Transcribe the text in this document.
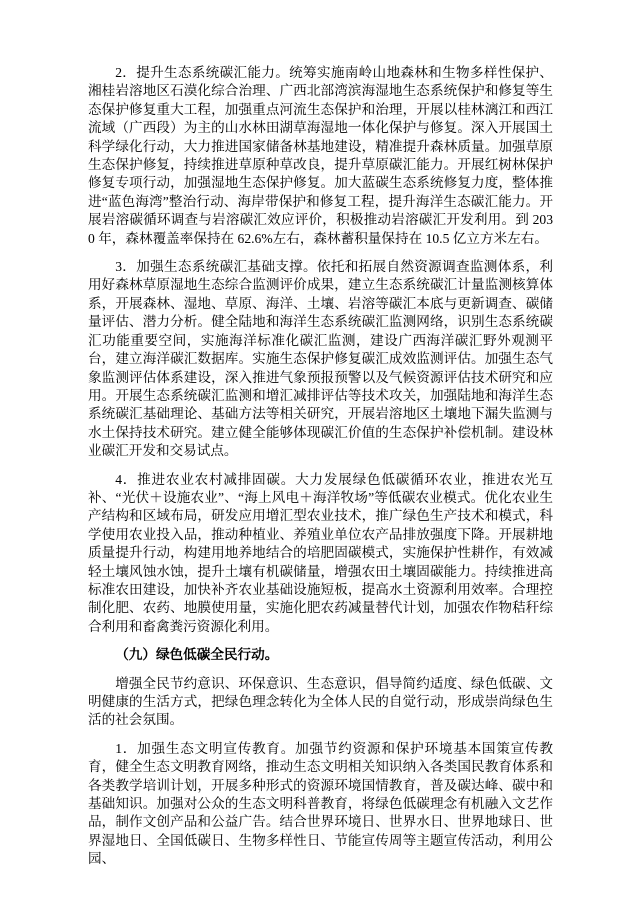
2．提升生态系统碳汇能力。统筹实施南岭山地森林和生物多样性保护、湘桂岩溶地区石漠化综合治理、广西北部湾滨海湿地生态系统保护和修复等生态保护修复重大工程，加强重点河流生态保护和治理，开展以桂林漓江和西江流域（广西段）为主的山水林田湖草海湿地一体化保护与修复。深入开展国土科学绿化行动，大力推进国家储备林基地建设，精准提升森林质量。加强草原生态保护修复，持续推进草原种草改良，提升草原碳汇能力。开展红树林保护修复专项行动，加强湿地生态保护修复。加大蓝碳生态系统修复力度，整体推进“蓝色海湾”整治行动、海岸带保护和修复工程，提升海洋生态碳汇能力。开展岩溶碳循环调查与岩溶碳汇效应评价，积极推动岩溶碳汇开发利用。到 2030 年，森林覆盖率保持在 62.6%左右，森林蓄积量保持在 10.5 亿立方米左右。

3．加强生态系统碳汇基础支撑。依托和拓展自然资源调查监测体系，利用好森林草原湿地生态综合监测评价成果，建立生态系统碳汇计量监测核算体系，开展森林、湿地、草原、海洋、土壤、岩溶等碳汇本底与更新调查、碳储量评估、潜力分析。健全陆地和海洋生态系统碳汇监测网络，识别生态系统碳汇功能重要空间，实施海洋标准化碳汇监测，建设广西海洋碳汇野外观测平台，建立海洋碳汇数据库。实施生态保护修复碳汇成效监测评估。加强生态气象监测评估体系建设，深入推进气象预报预警以及气候资源评估技术研究和应用。开展生态系统碳汇监测和增汇减排评估等技术攻关，加强陆地和海洋生态系统碳汇基础理论、基础方法等相关研究，开展岩溶地区土壤地下漏失监测与水土保持技术研究。建立健全能够体现碳汇价值的生态保护补偿机制。建设林业碳汇开发和交易试点。

4．推进农业农村减排固碳。大力发展绿色低碳循环农业，推进农光互补、“光伏＋设施农业”、“海上风电＋海洋牧场”等低碳农业模式。优化农业生产结构和区域布局，研发应用增汇型农业技术，推广绿色生产技术和模式，科学使用农业投入品，推动种植业、养殖业单位农产品排放强度下降。开展耕地质量提升行动，构建用地养地结合的培肥固碳模式，实施保护性耕作，有效减轻土壤风蚀水蚀，提升土壤有机碳储量，增强农田土壤固碳能力。持续推进高标准农田建设，加快补齐农业基础设施短板，提高水土资源利用效率。合理控制化肥、农药、地膜使用量，实施化肥农药减量替代计划，加强农作物秸秆综合利用和畜禽粪污资源化利用。

（九）绿色低碳全民行动。

增强全民节约意识、环保意识、生态意识，倡导简约适度、绿色低碳、文明健康的生活方式，把绿色理念转化为全体人民的自觉行动，形成崇尚绿色生活的社会氛围。

1．加强生态文明宣传教育。加强节约资源和保护环境基本国策宣传教育，健全生态文明教育网络，推动生态文明相关知识纳入各类国民教育体系和各类教学培训计划，开展多种形式的资源环境国情教育，普及碳达峰、碳中和基础知识。加强对公众的生态文明科普教育，将绿色低碳理念有机融入文艺作品，制作文创产品和公益广告。结合世界环境日、世界水日、世界地球日、世界湿地日、全国低碳日、生物多样性日、节能宣传周等主题宣传活动，利用公园、
